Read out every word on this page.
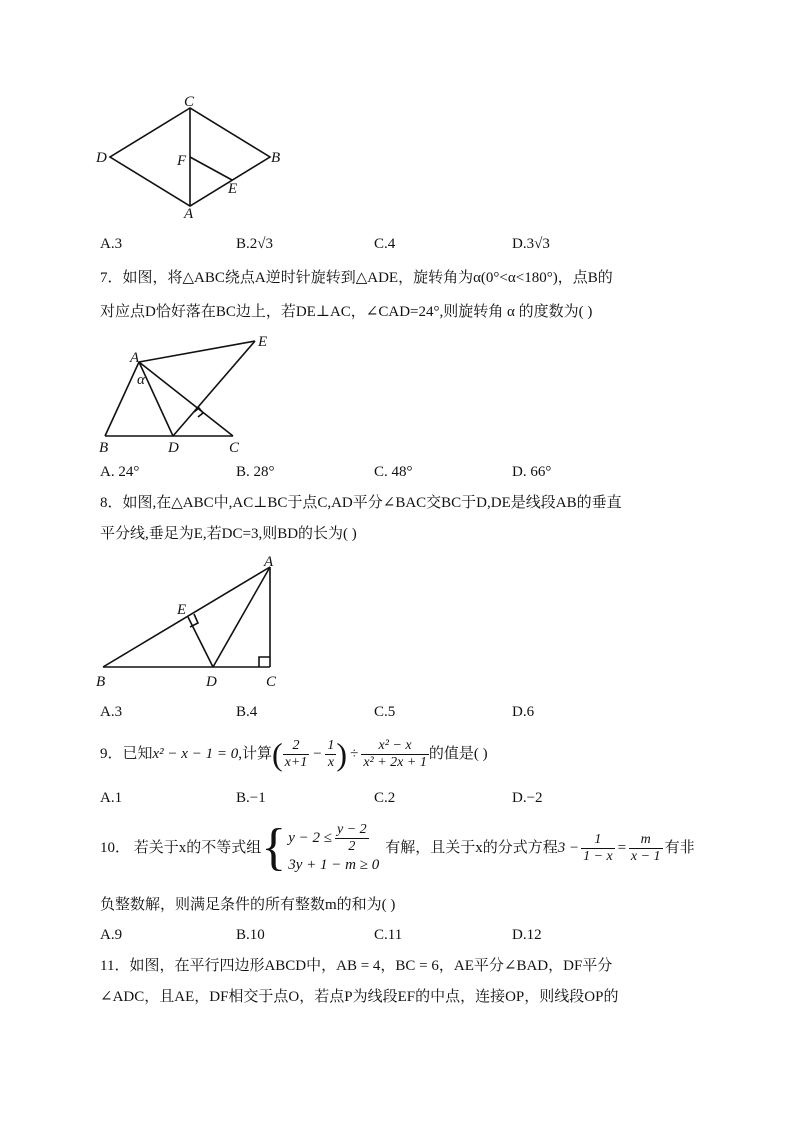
C
D	F	B
E
A
A.3	B.2√3	C.4	D.3√3
7．如图，将△ABC绕点A逆时针旋转到△ADE，旋转角为α(0°<α<180°)，点B的
对应点D恰好落在BC边上，若DE⊥AC，∠CAD=24°,则旋转角 α 的度数为( )
A
E
α
B	D	C
A. 24°	B. 28°	C. 48°	D. 66°
8．如图,在△ABC中,AC⊥BC于点C,AD平分∠BAC交BC于D,DE是线段AB的垂直
平分线,垂足为E,若DC=3,则BD的长为( )
A
E
B	D	C
A.3	B.4	C.5	D.6
9．已知 x² − x − 1 = 0 ,计算 ( $\frac{2}{x+1} - \frac{1}{x}$ ) ÷ $\frac{\text{x² − x}}{\text{x² + 2x + 1}}$ 的值是( )
A.1	B.−1	C.2	D.−2
10． 若关于x的不等式组 { $y - 2 \le \frac{y - 2}{2}$
3y + 1 − m ≥ 0
有解，且关于x的分式方程 $3 - \frac{1}{1 - x} = \frac{m}{x - 1}$ 有非
负整数解，则满足条件的所有整数m的和为( )
A.9	B.10	C.11	D.12
11．如图，在平行四边形ABCD中，AB = 4，BC = 6，AE平分∠BAD，DF平分
∠ADC，且AE，DF相交于点O，若点P为线段EF的中点，连接OP，则线段OP的
